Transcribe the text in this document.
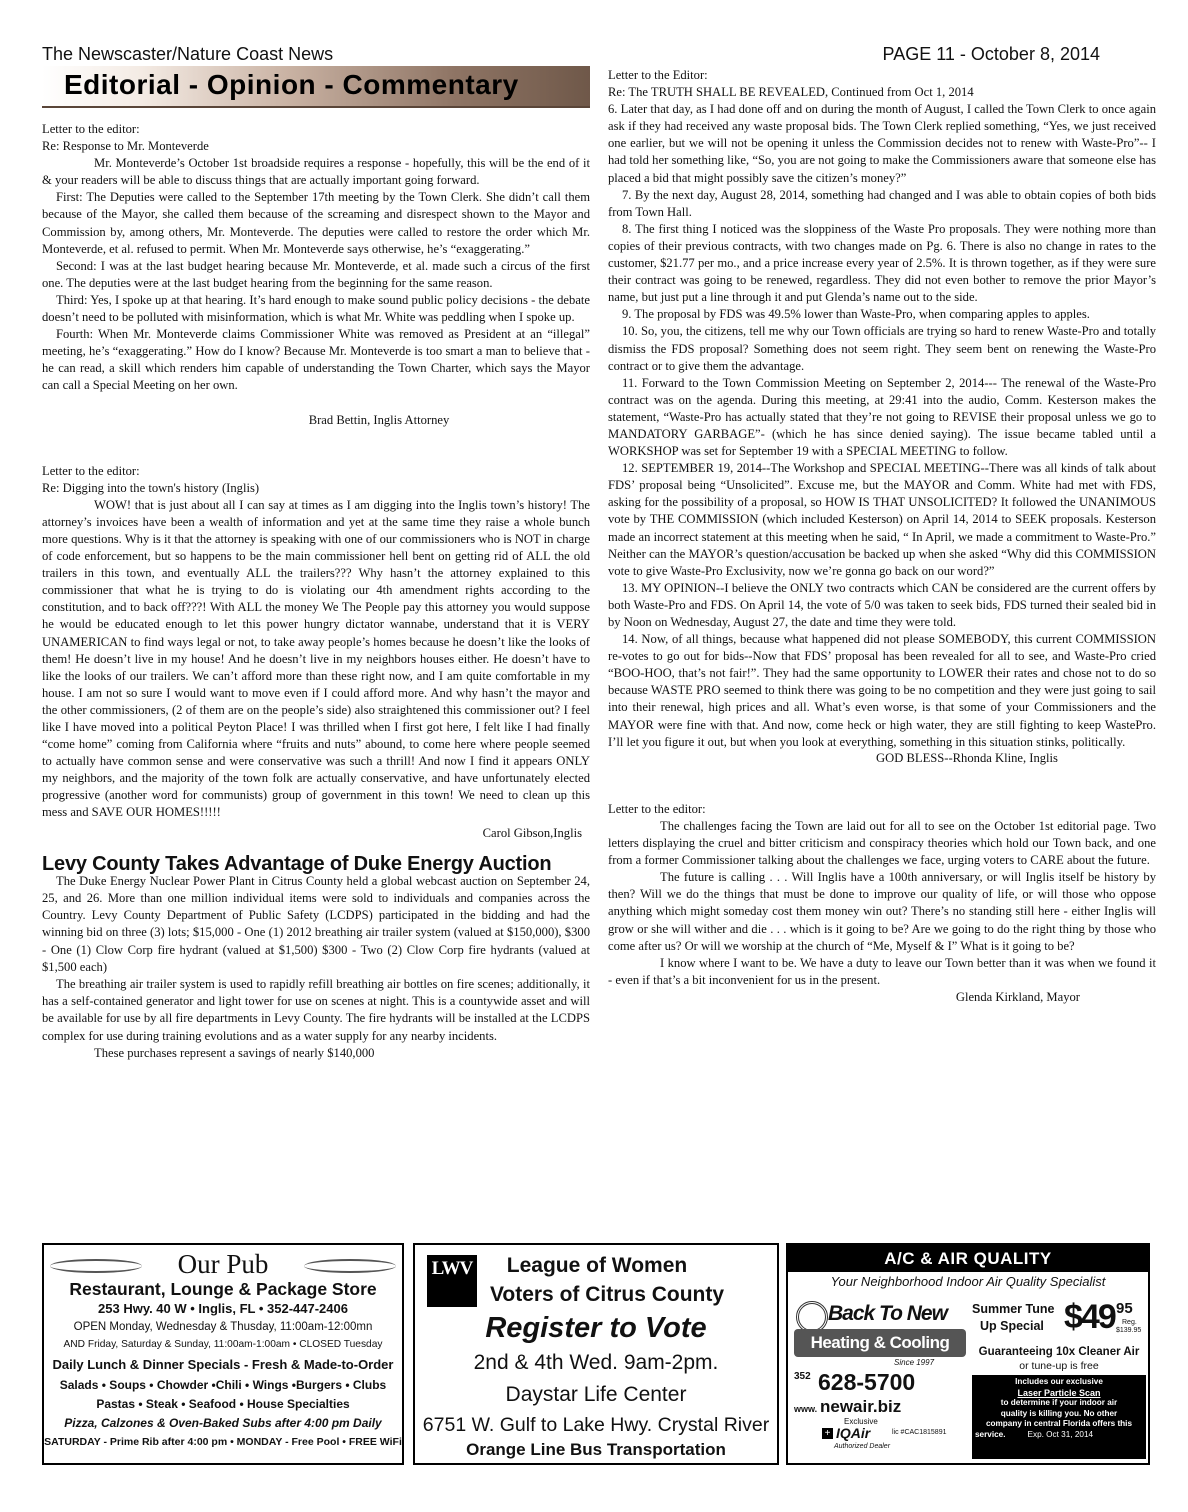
The Newscaster/Nature Coast News	PAGE 11 - October 8, 2014
Editorial - Opinion - Commentary

Letter to the editor:

Re: Response to Mr. Monteverde

Mr. Monteverde’s October 1st broadside requires a response - hopefully, this will be the end of it & your readers will be able to discuss things that are actually important going forward.

First: The Deputies were called to the September 17th meeting by the Town Clerk. She didn’t call them because of the Mayor, she called them because of the screaming and disrespect shown to the Mayor and Commission by, among others, Mr. Monteverde. The deputies were called to restore the order which Mr. Monteverde, et al. refused to permit. When Mr. Monteverde says otherwise, he’s “exaggerating.”

Second: I was at the last budget hearing because Mr. Monteverde, et al. made such a circus of the first one. The deputies were at the last budget hearing from the beginning for the same reason.

Third: Yes, I spoke up at that hearing. It’s hard enough to make sound public policy decisions - the debate doesn’t need to be polluted with misinformation, which is what Mr. White was peddling when I spoke up.

Fourth: When Mr. Monteverde claims Commissioner White was removed as President at an “illegal” meeting, he’s “exaggerating.” How do I know? Because Mr. Monteverde is too smart a man to believe that - he can read, a skill which renders him capable of understanding the Town Charter, which says the Mayor can call a Special Meeting on her own.

Brad Bettin, Inglis Attorney

Letter to the editor:

Re: Digging into the town's history (Inglis)

WOW! that is just about all I can say at times as I am digging into the Inglis town’s history! The attorney’s invoices have been a wealth of information and yet at the same time they raise a whole bunch more questions. Why is it that the attorney is speaking with one of our commissioners who is NOT in charge of code enforcement, but so happens to be the main commissioner hell bent on getting rid of ALL the old trailers in this town, and eventually ALL the trailers??? Why hasn’t the attorney explained to this commissioner that what he is trying to do is violating our 4th amendment rights according to the constitution, and to back off???! With ALL the money We The People pay this attorney you would suppose he would be educated enough to let this power hungry dictator wannabe, understand that it is VERY UNAMERICAN to find ways legal or not, to take away people’s homes because he doesn’t like the looks of them! He doesn’t live in my house! And he doesn’t live in my neighbors houses either. He doesn’t have to like the looks of our trailers. We can’t afford more than these right now, and I am quite comfortable in my house. I am not so sure I would want to move even if I could afford more. And why hasn’t the mayor and the other commissioners, (2 of them are on the people’s side) also straightened this commissioner out? I feel like I have moved into a political Peyton Place! I was thrilled when I first got here, I felt like I had finally “come home” coming from California where “fruits and nuts” abound, to come here where people seemed to actually have common sense and were conservative was such a thrill! And now I find it appears ONLY my neighbors, and the majority of the town folk are actually conservative, and have unfortunately elected progressive (another word for communists) group of government in this town! We need to clean up this mess and SAVE OUR HOMES!!!!!

Carol Gibson,Inglis

Levy County Takes Advantage of Duke Energy Auction

The Duke Energy Nuclear Power Plant in Citrus County held a global webcast auction on September 24, 25, and 26. More than one million individual items were sold to individuals and companies across the Country. Levy County Department of Public Safety (LCDPS) participated in the bidding and had the winning bid on three (3) lots; $15,000 - One (1) 2012 breathing air trailer system (valued at $150,000), $300 - One (1) Clow Corp fire hydrant (valued at $1,500) $300 - Two (2) Clow Corp fire hydrants (valued at $1,500 each)

The breathing air trailer system is used to rapidly refill breathing air bottles on fire scenes; additionally, it has a self-contained generator and light tower for use on scenes at night. This is a countywide asset and will be available for use by all fire departments in Levy County. The fire hydrants will be installed at the LCDPS complex for use during training evolutions and as a water supply for any nearby incidents.

These purchases represent a savings of nearly $140,000

Letter to the Editor:

Re: The TRUTH SHALL BE REVEALED, Continued from Oct 1, 2014

6. Later that day, as I had done off and on during the month of August, I called the Town Clerk to once again ask if they had received any waste proposal bids. The Town Clerk replied something, “Yes, we just received one earlier, but we will not be opening it unless the Commission decides not to renew with Waste-Pro”-- I had told her something like, “So, you are not going to make the Commissioners aware that someone else has placed a bid that might possibly save the citizen’s money?”

7. By the next day, August 28, 2014, something had changed and I was able to obtain copies of both bids from Town Hall.

8. The first thing I noticed was the sloppiness of the Waste Pro proposals. They were nothing more than copies of their previous contracts, with two changes made on Pg. 6. There is also no change in rates to the customer, $21.77 per mo., and a price increase every year of 2.5%. It is thrown together, as if they were sure their contract was going to be renewed, regardless. They did not even bother to remove the prior Mayor’s name, but just put a line through it and put Glenda’s name out to the side.

9. The proposal by FDS was 49.5% lower than Waste-Pro, when comparing apples to apples.

10. So, you, the citizens, tell me why our Town officials are trying so hard to renew Waste-Pro and totally dismiss the FDS proposal? Something does not seem right. They seem bent on renewing the Waste-Pro contract or to give them the advantage.

11. Forward to the Town Commission Meeting on September 2, 2014--- The renewal of the Waste-Pro contract was on the agenda. During this meeting, at 29:41 into the audio, Comm. Kesterson makes the statement, “Waste-Pro has actually stated that they’re not going to REVISE their proposal unless we go to MANDATORY GARBAGE”- (which he has since denied saying). The issue became tabled until a WORKSHOP was set for September 19 with a SPECIAL MEETING to follow.

12. SEPTEMBER 19, 2014--The Workshop and SPECIAL MEETING--There was all kinds of talk about FDS’ proposal being “Unsolicited”. Excuse me, but the MAYOR and Comm. White had met with FDS, asking for the possibility of a proposal, so HOW IS THAT UNSOLICITED? It followed the UNANIMOUS vote by THE COMMISSION (which included Kesterson) on April 14, 2014 to SEEK proposals. Kesterson made an incorrect statement at this meeting when he said, “ In April, we made a commitment to Waste-Pro.” Neither can the MAYOR’s question/accusation be backed up when she asked “Why did this COMMISSION vote to give Waste-Pro Exclusivity, now we’re gonna go back on our word?”

13. MY OPINION--I believe the ONLY two contracts which CAN be considered are the current offers by both Waste-Pro and FDS. On April 14, the vote of 5/0 was taken to seek bids, FDS turned their sealed bid in by Noon on Wednesday, August 27, the date and time they were told.

14. Now, of all things, because what happened did not please SOMEBODY, this current COMMISSION re-votes to go out for bids--Now that FDS’ proposal has been revealed for all to see, and Waste-Pro cried “BOO-HOO, that’s not fair!”. They had the same opportunity to LOWER their rates and chose not to do so because WASTE PRO seemed to think there was going to be no competition and they were just going to sail into their renewal, high prices and all. What’s even worse, is that some of your Commissioners and the MAYOR were fine with that. And now, come heck or high water, they are still fighting to keep WastePro. I’ll let you figure it out, but when you look at everything, something in this situation stinks, politically.

GOD BLESS--Rhonda Kline, Inglis

Letter to the editor:

The challenges facing the Town are laid out for all to see on the October 1st editorial page. Two letters displaying the cruel and bitter criticism and conspiracy theories which hold our Town back, and one from a former Commissioner talking about the challenges we face, urging voters to CARE about the future.

The future is calling . . . Will Inglis have a 100th anniversary, or will Inglis itself be history by then? Will we do the things that must be done to improve our quality of life, or will those who oppose anything which might someday cost them money win out? There’s no standing still here - either Inglis will grow or she will wither and die . . . which is it going to be? Are we going to do the right thing by those who come after us? Or will we worship at the church of “Me, Myself & I” What is it going to be?

I know where I want to be. We have a duty to leave our Town better than it was when we found it - even if that’s a bit inconvenient for us in the present.

Glenda Kirkland, Mayor

Our Pub
Restaurant, Lounge & Package Store
253 Hwy. 40 W • Inglis, FL • 352-447-2406
OPEN Monday, Wednesday & Thusday, 11:00am-12:00mn
AND Friday, Saturday & Sunday, 11:00am-1:00am • CLOSED Tuesday
Daily Lunch & Dinner Specials - Fresh & Made-to-Order
Salads • Soups • Chowder •Chili • Wings •Burgers • Clubs
Pastas • Steak • Seafood • House Specialties
Pizza, Calzones & Oven-Baked Subs after 4:00 pm Daily
SATURDAY - Prime Rib after 4:00 pm • MONDAY - Free Pool • FREE WiFi
LWV	League of Women
Voters of Citrus County
Register to Vote
2nd & 4th Wed. 9am-2pm.
Daystar Life Center
6751 W. Gulf to Lake Hwy. Crystal River
Orange Line Bus Transportation
A/C & AIR QUALITY
Your Neighborhood Indoor Air Quality Specialist
Back To New
Heating & Cooling
Since 1997
352 628-5700
www. newair.biz
Exclusive
+ IQAir	lic #CAC1815891
Authorized Dealer
Summer Tune
Up Special $49 95
Reg.
$139.95
Guaranteeing 10x Cleaner Air
or tune-up is free
Includes our exclusive
Laser Particle Scan
to determine if your indoor air
quality is killing you. No other
company in central Florida offers this
service.	Exp. Oct 31, 2014
